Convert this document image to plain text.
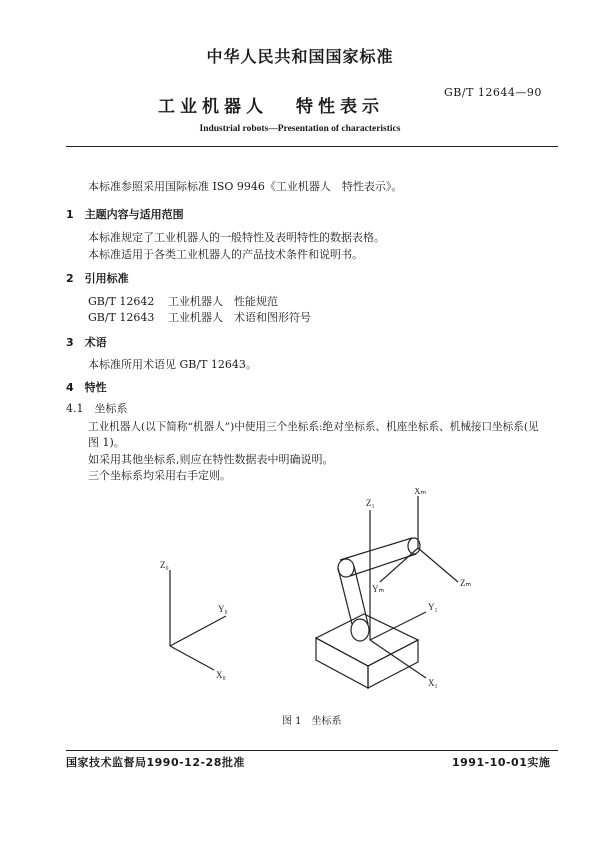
中华人民共和国国家标准
GB/T 12644—90
工业机器人 特性表示
Industrial robots—Presentation of characteristics
本标准参照采用国际标准 ISO 9946《工业机器人　特性表示》。
1　主题内容与适用范围
本标准规定了工业机器人的一般特性及表明特性的数据表格。
本标准适用于各类工业机器人的产品技术条件和说明书。
2　引用标准
GB/T 12642 工业机器人　性能规范
GB/T 12643 工业机器人　术语和图形符号
3　术语
本标准所用术语见 GB/T 12643。
4　特性
4.1　坐标系
工业机器人(以下简称“机器人”)中使用三个坐标系:绝对坐标系、机座坐标系、机械接口坐标系(见
图 1)。
如采用其他坐标系,则应在特性数据表中明确说明。
三个坐标系均采用右手定则。
Z₀
Y₀
X₀
Z₁
Y₁
X₁
Xₘ
Yₘ
Zₘ
图 1　坐标系
国家技术监督局1990-12-28批准	1991-10-01实施
